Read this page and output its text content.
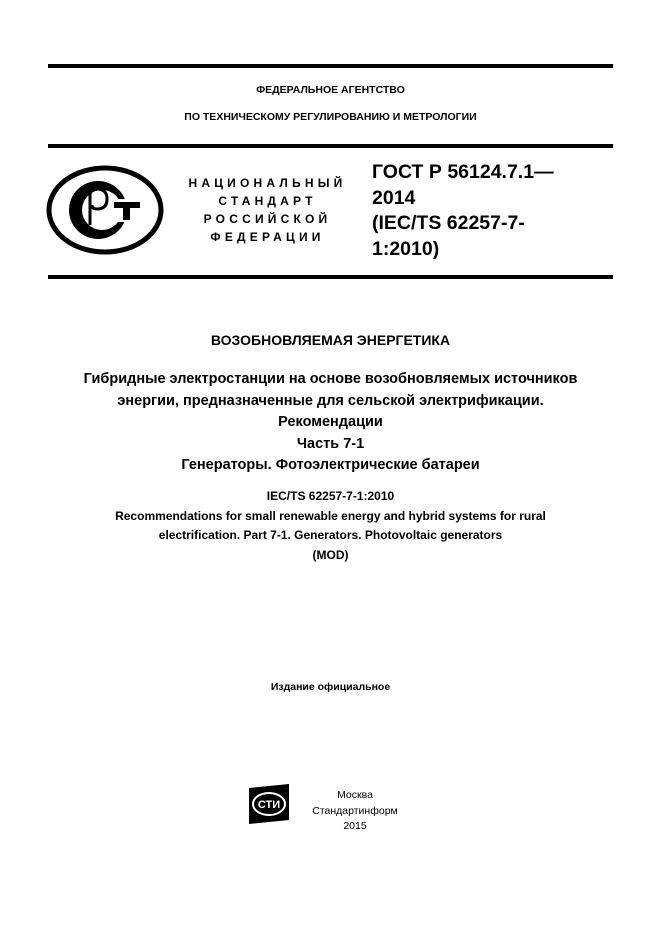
ФЕДЕРАЛЬНОЕ АГЕНТСТВО
ПО ТЕХНИЧЕСКОМУ РЕГУЛИРОВАНИЮ И МЕТРОЛОГИИ
НАЦИОНАЛЬНЫЙ
СТАНДАРТ
РОССИЙСКОЙ
ФЕДЕРАЦИИ
ГОСТ Р 56124.7.1—
2014
(IEC/TS 62257-7-
1:2010)
ВОЗОБНОВЛЯЕМАЯ ЭНЕРГЕТИКА
Гибридные электростанции на основе возобновляемых источников
энергии, предназначенные для сельской электрификации.
Рекомендации
Часть 7-1
Генераторы. Фотоэлектрические батареи
IEC/TS 62257-7-1:2010
Recommendations for small renewable energy and hybrid systems for rural
electrification. Part 7-1. Generators. Photovoltaic generators
(MOD)
Издание официальное
СТИ
Москва
Стандартинформ
2015
